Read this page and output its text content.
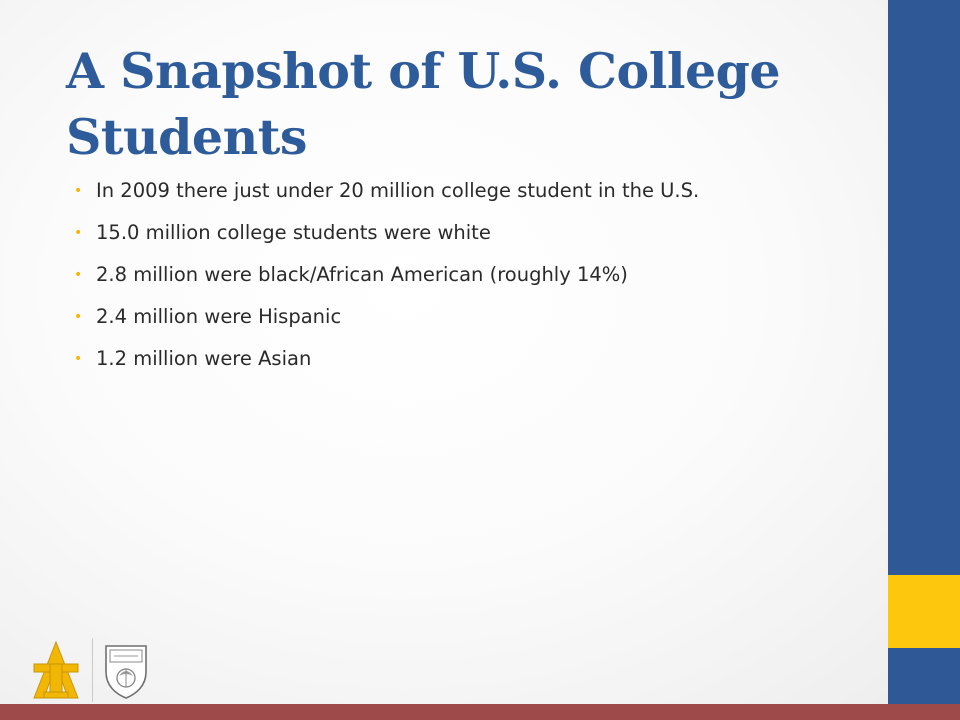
A Snapshot of U.S. College
Students
• In 2009 there just under 20 million college student in the U.S.
• 15.0 million college students were white
• 2.8 million were black/African American (roughly 14%)
• 2.4 million were Hispanic
• 1.2 million were Asian
